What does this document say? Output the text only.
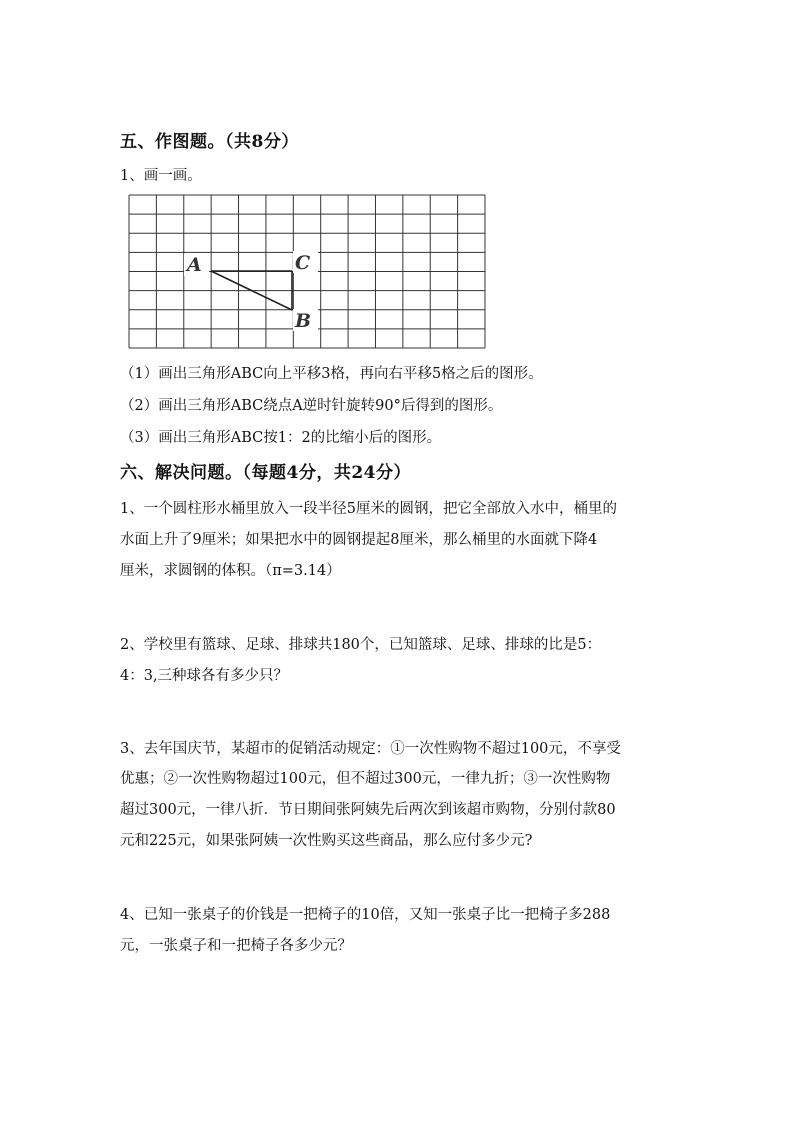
五、作图题。（共8分）
1、画一画。
A	C
B
（1）画出三角形ABC向上平移3格，再向右平移5格之后的图形。
（2）画出三角形ABC绕点A逆时针旋转90°后得到的图形。
（3）画出三角形ABC按1：2的比缩小后的图形。
六、解决问题。（每题4分，共24分）
1、一个圆柱形水桶里放入一段半径5厘米的圆钢，把它全部放入水中，桶里的
水面上升了9厘米；如果把水中的圆钢提起8厘米，那么桶里的水面就下降4
厘米，求圆钢的体积。（π=3.14）
2、学校里有篮球、足球、排球共180个，已知篮球、足球、排球的比是5：
4：3,三种球各有多少只？
3、去年国庆节，某超市的促销活动规定：①一次性购物不超过100元，不享受
优惠；②一次性购物超过100元，但不超过300元，一律九折；③一次性购物
超过300元，一律八折．节日期间张阿姨先后两次到该超市购物，分别付款80
元和225元，如果张阿姨一次性购买这些商品，那么应付多少元?
4、已知一张桌子的价钱是一把椅子的10倍，又知一张桌子比一把椅子多288
元，一张桌子和一把椅子各多少元？
